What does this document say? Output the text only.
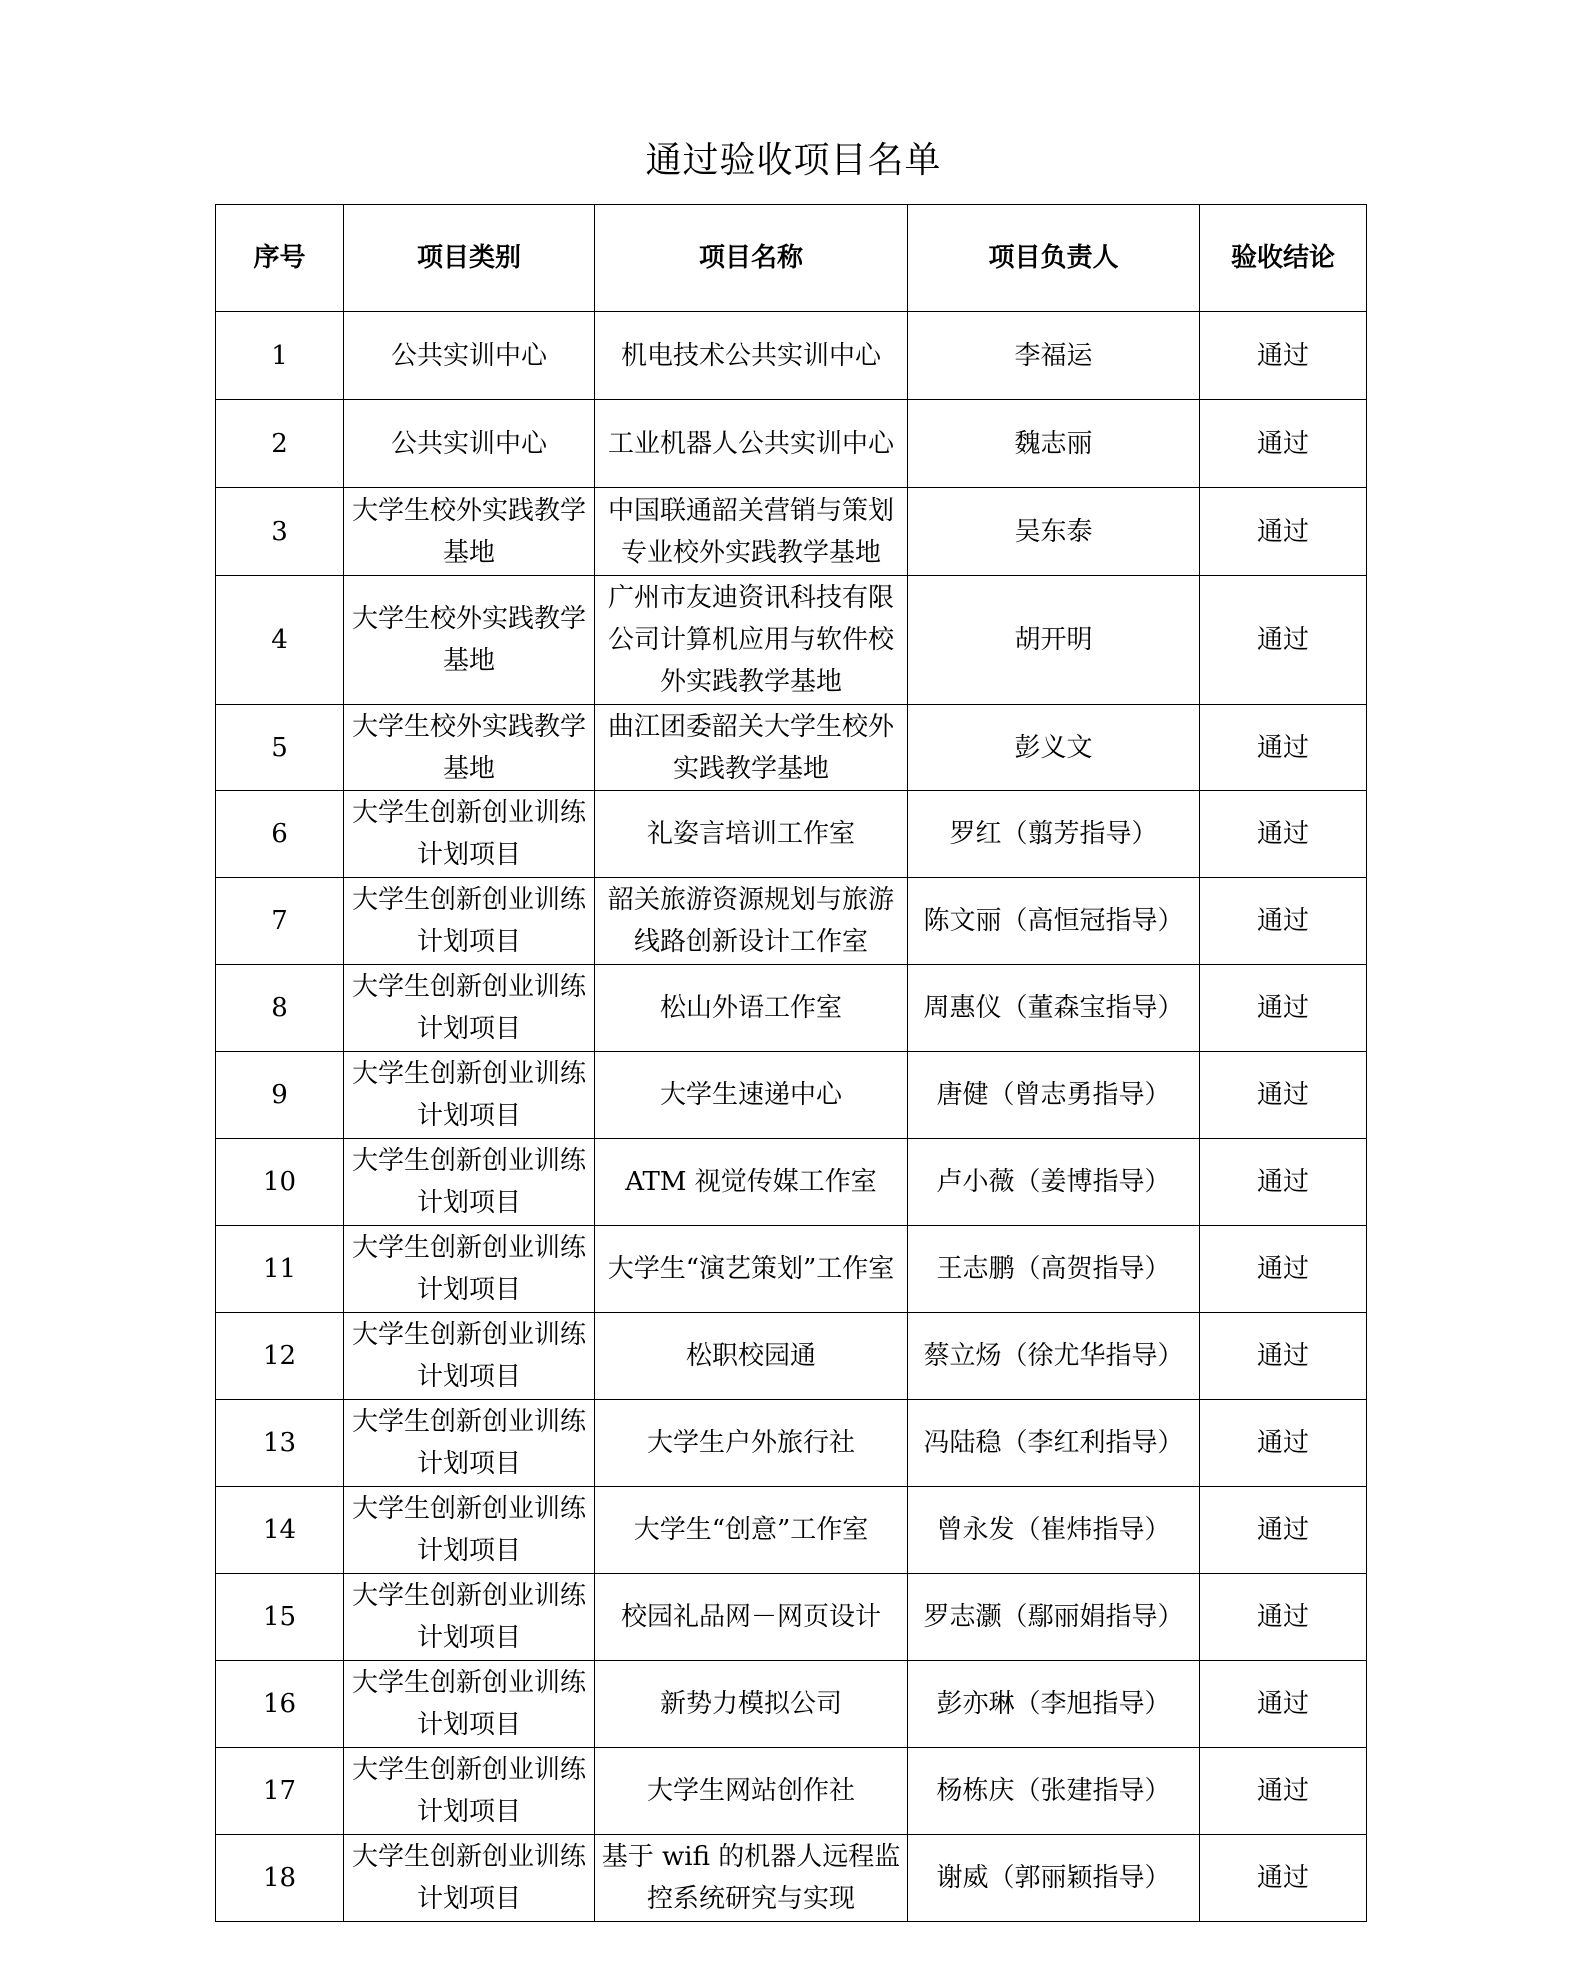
通过验收项目名单
序号	项目类别	项目名称	项目负责人	验收结论
1	公共实训中心	机电技术公共实训中心	李福运	通过
2	公共实训中心	工业机器人公共实训中心	魏志丽	通过
3	大学生校外实践教学基地	中国联通韶关营销与策划专业校外实践教学基地	吴东泰	通过
4	大学生校外实践教学基地	广州市友迪资讯科技有限公司计算机应用与软件校外实践教学基地	胡开明	通过
5	大学生校外实践教学基地	曲江团委韶关大学生校外实践教学基地	彭义文	通过
6	大学生创新创业训练计划项目	礼姿言培训工作室	罗红（翦芳指导）	通过
7	大学生创新创业训练计划项目	韶关旅游资源规划与旅游线路创新设计工作室	陈文丽（高恒冠指导）	通过
8	大学生创新创业训练计划项目	松山外语工作室	周惠仪（董森宝指导）	通过
9	大学生创新创业训练计划项目	大学生速递中心	唐健（曾志勇指导）	通过
10	大学生创新创业训练计划项目	ATM 视觉传媒工作室	卢小薇（姜博指导）	通过
11	大学生创新创业训练计划项目	大学生“演艺策划”工作室	王志鹏（高贺指导）	通过
12	大学生创新创业训练计划项目	松职校园通	蔡立炀（徐尤华指导）	通过
13	大学生创新创业训练计划项目	大学生户外旅行社	冯陆稳（李红利指导）	通过
14	大学生创新创业训练计划项目	大学生“创意”工作室	曾永发（崔炜指导）	通过
15	大学生创新创业训练计划项目	校园礼品网－网页设计	罗志灏（鄢丽娟指导）	通过
16	大学生创新创业训练计划项目	新势力模拟公司	彭亦琳（李旭指导）	通过
17	大学生创新创业训练计划项目	大学生网站创作社	杨栋庆（张建指导）	通过
18	大学生创新创业训练计划项目	基于 wifi 的机器人远程监控系统研究与实现	谢威（郭丽颖指导）	通过
